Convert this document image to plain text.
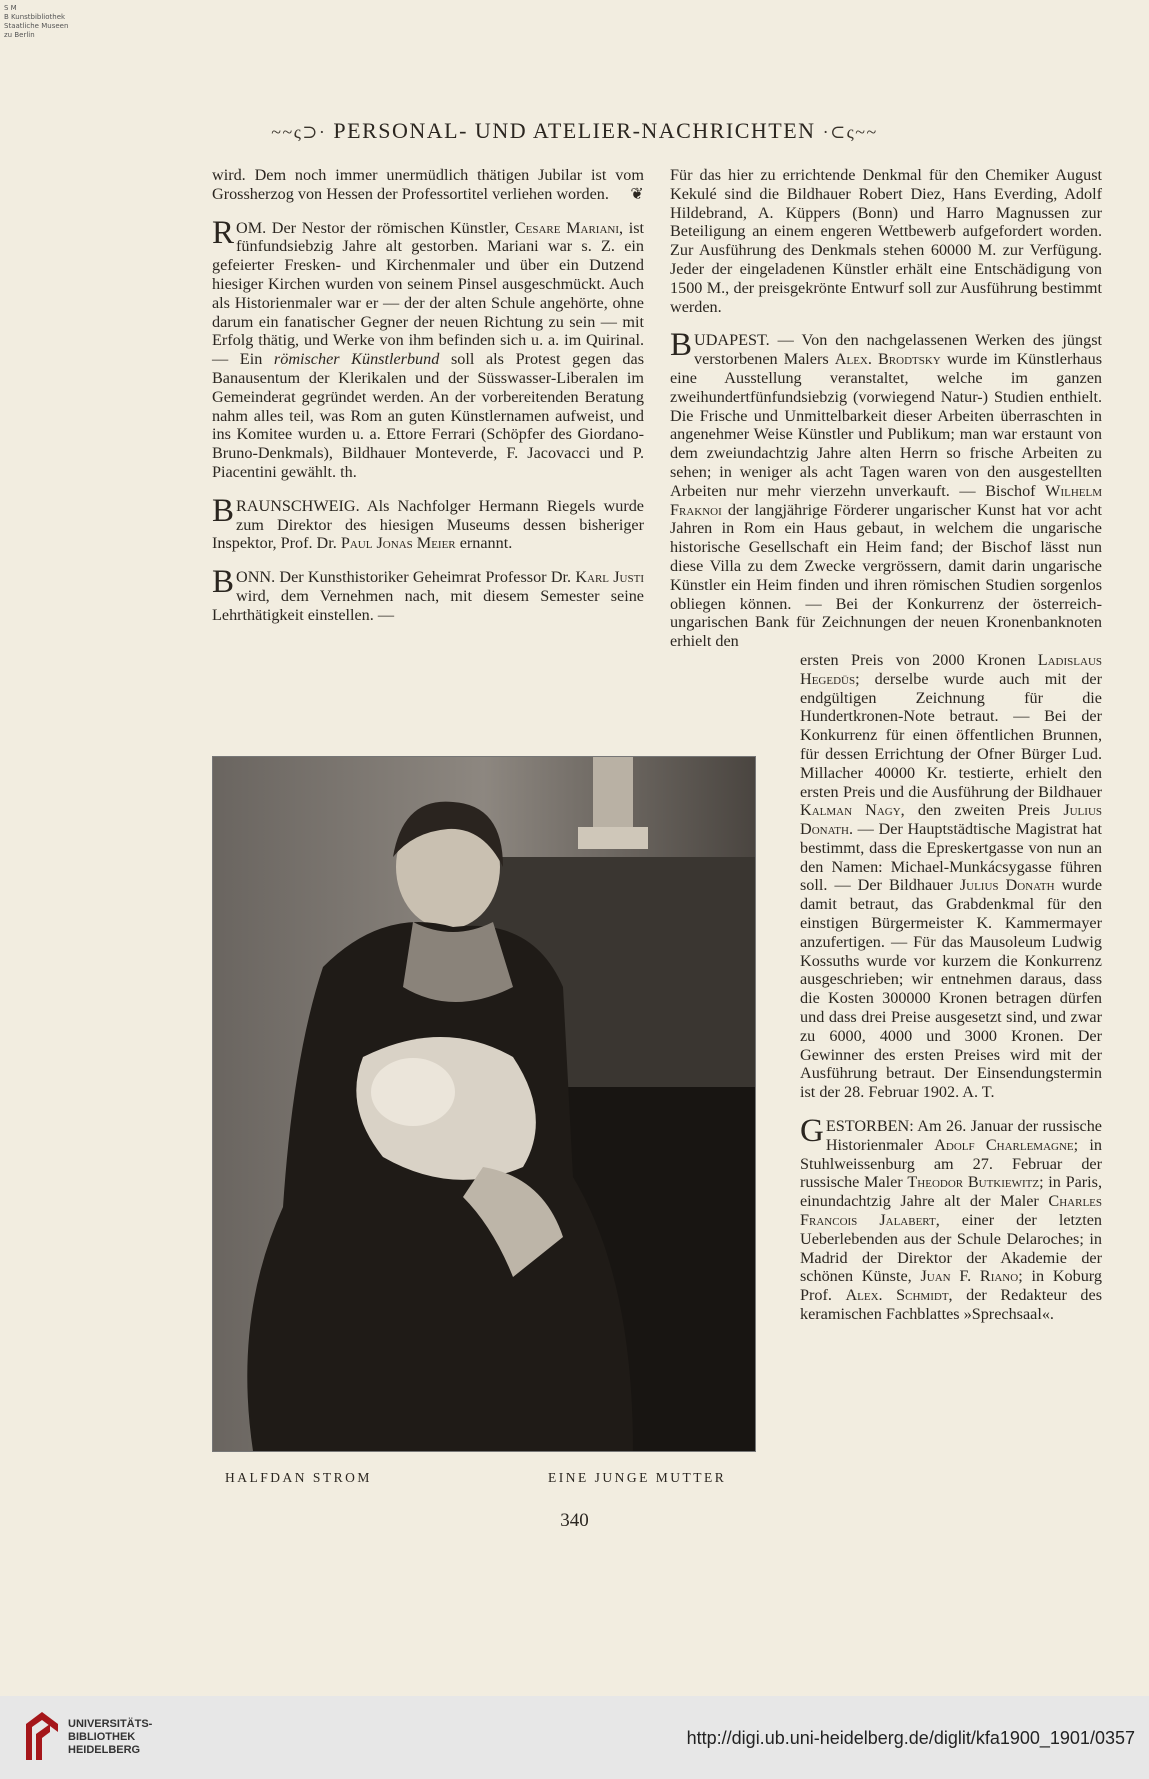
S M
B Kunstbibliothek
Staatliche Museen
zu Berlin
~~ς⊃· PERSONAL- UND ATELIER-NACHRICHTEN ·⊂ς~~

wird. Dem noch immer unermüdlich thätigen Jubilar ist vom Grossherzog von Hessen der Professortitel verliehen worden. ❦

ROM. Der Nestor der römischen Künstler, Cesare Mariani, ist fünfundsiebzig Jahre alt gestorben. Mariani war s. Z. ein gefeierter Fresken- und Kirchenmaler und über ein Dutzend hiesiger Kirchen wurden von seinem Pinsel ausgeschmückt. Auch als Historienmaler war er — der der alten Schule angehörte, ohne darum ein fanatischer Gegner der neuen Richtung zu sein — mit Erfolg thätig, und Werke von ihm befinden sich u. a. im Quirinal. — Ein römischer Künstlerbund soll als Protest gegen das Banausentum der Klerikalen und der Süsswasser-Liberalen im Gemeinderat gegründet werden. An der vorbereitenden Beratung nahm alles teil, was Rom an guten Künstlernamen aufweist, und ins Komitee wurden u. a. Ettore Ferrari (Schöpfer des Giordano-Bruno-Denkmals), Bildhauer Monteverde, F. Jacovacci und P. Piacentini gewählt. th.

BRAUNSCHWEIG. Als Nachfolger Hermann Riegels wurde zum Direktor des hiesigen Museums dessen bisheriger Inspektor, Prof. Dr. Paul Jonas Meier ernannt.

BONN. Der Kunsthistoriker Geheimrat Professor Dr. Karl Justi wird, dem Vernehmen nach, mit diesem Semester seine Lehrthätigkeit einstellen. —

Für das hier zu errichtende Denkmal für den Chemiker August Kekulé sind die Bildhauer Robert Diez, Hans Everding, Adolf Hildebrand, A. Küppers (Bonn) und Harro Magnussen zur Beteiligung an einem engeren Wettbewerb aufgefordert worden. Zur Ausführung des Denkmals stehen 60000 M. zur Verfügung. Jeder der eingeladenen Künstler erhält eine Entschädigung von 1500 M., der preisgekrönte Entwurf soll zur Ausführung bestimmt werden.

BUDAPEST. — Von den nachgelassenen Werken des jüngst verstorbenen Malers Alex. Brodtsky wurde im Künstlerhaus eine Ausstellung veranstaltet, welche im ganzen zweihundertfünfundsiebzig (vorwiegend Natur-) Studien enthielt. Die Frische und Unmittelbarkeit dieser Arbeiten überraschten in angenehmer Weise Künstler und Publikum; man war erstaunt von dem zweiundachtzig Jahre alten Herrn so frische Arbeiten zu sehen; in weniger als acht Tagen waren von den ausgestellten Arbeiten nur mehr vierzehn unverkauft. — Bischof Wilhelm Fraknoi der langjährige Förderer ungarischer Kunst hat vor acht Jahren in Rom ein Haus gebaut, in welchem die ungarische historische Gesellschaft ein Heim fand; der Bischof lässt nun diese Villa zu dem Zwecke vergrössern, damit darin ungarische Künstler ein Heim finden und ihren römischen Studien sorgenlos obliegen können. — Bei der Konkurrenz der österreich-ungarischen Bank für Zeichnungen der neuen Kronenbanknoten erhielt den

ersten Preis von 2000 Kronen Ladislaus Hegedüs; derselbe wurde auch mit der endgültigen Zeichnung für die Hundertkronen-Note betraut. — Bei der Konkurrenz für einen öffentlichen Brunnen, für dessen Errichtung der Ofner Bürger Lud. Millacher 40000 Kr. testierte, erhielt den ersten Preis und die Ausführung der Bildhauer Kalman Nagy, den zweiten Preis Julius Donath. — Der Hauptstädtische Magistrat hat bestimmt, dass die Epreskertgasse von nun an den Namen: Michael-Munkácsygasse führen soll. — Der Bildhauer Julius Donath wurde damit betraut, das Grabdenkmal für den einstigen Bürgermeister K. Kammermayer anzufertigen. — Für das Mausoleum Ludwig Kossuths wurde vor kurzem die Konkurrenz ausgeschrieben; wir entnehmen daraus, dass die Kosten 300000 Kronen betragen dürfen und dass drei Preise ausgesetzt sind, und zwar zu 6000, 4000 und 3000 Kronen. Der Gewinner des ersten Preises wird mit der Ausführung betraut. Der Einsendungstermin ist der 28. Februar 1902. A. T.

GESTORBEN: Am 26. Januar der russische Historienmaler Adolf Charlemagne; in Stuhlweissenburg am 27. Februar der russische Maler Theodor Butkiewitz; in Paris, einundachtzig Jahre alt der Maler Charles Francois Jalabert, einer der letzten Ueberlebenden aus der Schule Delaroches; in Madrid der Direktor der Akademie der schönen Künste, Juan F. Riano; in Koburg Prof. Alex. Schmidt, der Redakteur des keramischen Fachblattes »Sprechsaal«.

HALFDAN STROM	EINE JUNGE MUTTER
340
UNIVERSITÄTS-
BIBLIOTHEK
HEIDELBERG
http://digi.ub.uni-heidelberg.de/diglit/kfa1900_1901/0357
